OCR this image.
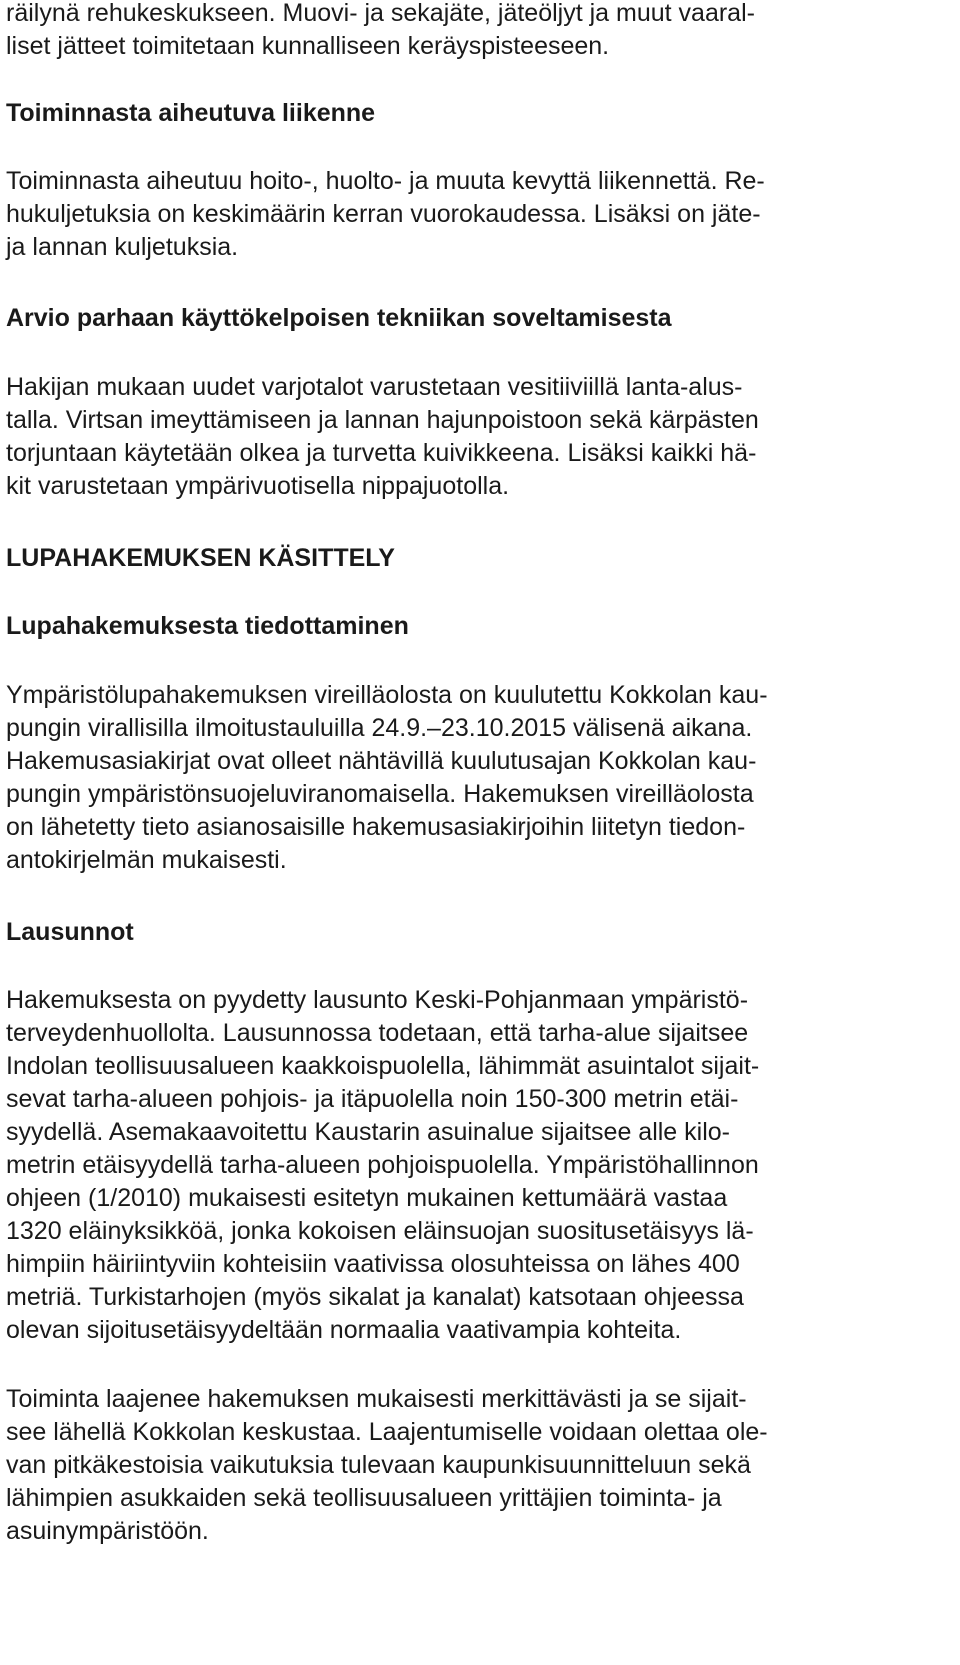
räilynä rehukeskukseen. Muovi- ja sekajäte, jäteöljyt ja muut vaaral-

liset jätteet toimitetaan kunnalliseen keräyspisteeseen.

Toiminnasta aiheutuva liikenne

Toiminnasta aiheutuu hoito-, huolto- ja muuta kevyttä liikennettä. Re-

hukuljetuksia on keskimäärin kerran vuorokaudessa. Lisäksi on jäte-

ja lannan kuljetuksia.

Arvio parhaan käyttökelpoisen tekniikan soveltamisesta

Hakijan mukaan uudet varjotalot varustetaan vesitiiviillä lanta-alus-

talla. Virtsan imeyttämiseen ja lannan hajunpoistoon sekä kärpästen

torjuntaan käytetään olkea ja turvetta kuivikkeena. Lisäksi kaikki hä-

kit varustetaan ympärivuotisella nippajuotolla.

LUPAHAKEMUKSEN KÄSITTELY

Lupahakemuksesta tiedottaminen

Ympäristölupahakemuksen vireilläolosta on kuulutettu Kokkolan kau-

pungin virallisilla ilmoitustauluilla 24.9.–23.10.2015 välisenä aikana.

Hakemusasiakirjat ovat olleet nähtävillä kuulutusajan Kokkolan kau-

pungin ympäristönsuojeluviranomaisella. Hakemuksen vireilläolosta

on lähetetty tieto asianosaisille hakemusasiakirjoihin liitetyn tiedon-

antokirjelmän mukaisesti.

Lausunnot

Hakemuksesta on pyydetty lausunto Keski-Pohjanmaan ympäristö-

terveydenhuollolta. Lausunnossa todetaan, että tarha-alue sijaitsee

Indolan teollisuusalueen kaakkoispuolella, lähimmät asuintalot sijait-

sevat tarha-alueen pohjois- ja itäpuolella noin 150-300 metrin etäi-

syydellä. Asemakaavoitettu Kaustarin asuinalue sijaitsee alle kilo-

metrin etäisyydellä tarha-alueen pohjoispuolella. Ympäristöhallinnon

ohjeen (1/2010) mukaisesti esitetyn mukainen kettumäärä vastaa

1320 eläinyksikköä, jonka kokoisen eläinsuojan suositusetäisyys lä-

himpiin häiriintyviin kohteisiin vaativissa olosuhteissa on lähes 400

metriä. Turkistarhojen (myös sikalat ja kanalat) katsotaan ohjeessa

olevan sijoitusetäisyydeltään normaalia vaativampia kohteita.

Toiminta laajenee hakemuksen mukaisesti merkittävästi ja se sijait-

see lähellä Kokkolan keskustaa. Laajentumiselle voidaan olettaa ole-

van pitkäkestoisia vaikutuksia tulevaan kaupunkisuunnitteluun sekä

lähimpien asukkaiden sekä teollisuusalueen yrittäjien toiminta- ja

asuinympäristöön.
